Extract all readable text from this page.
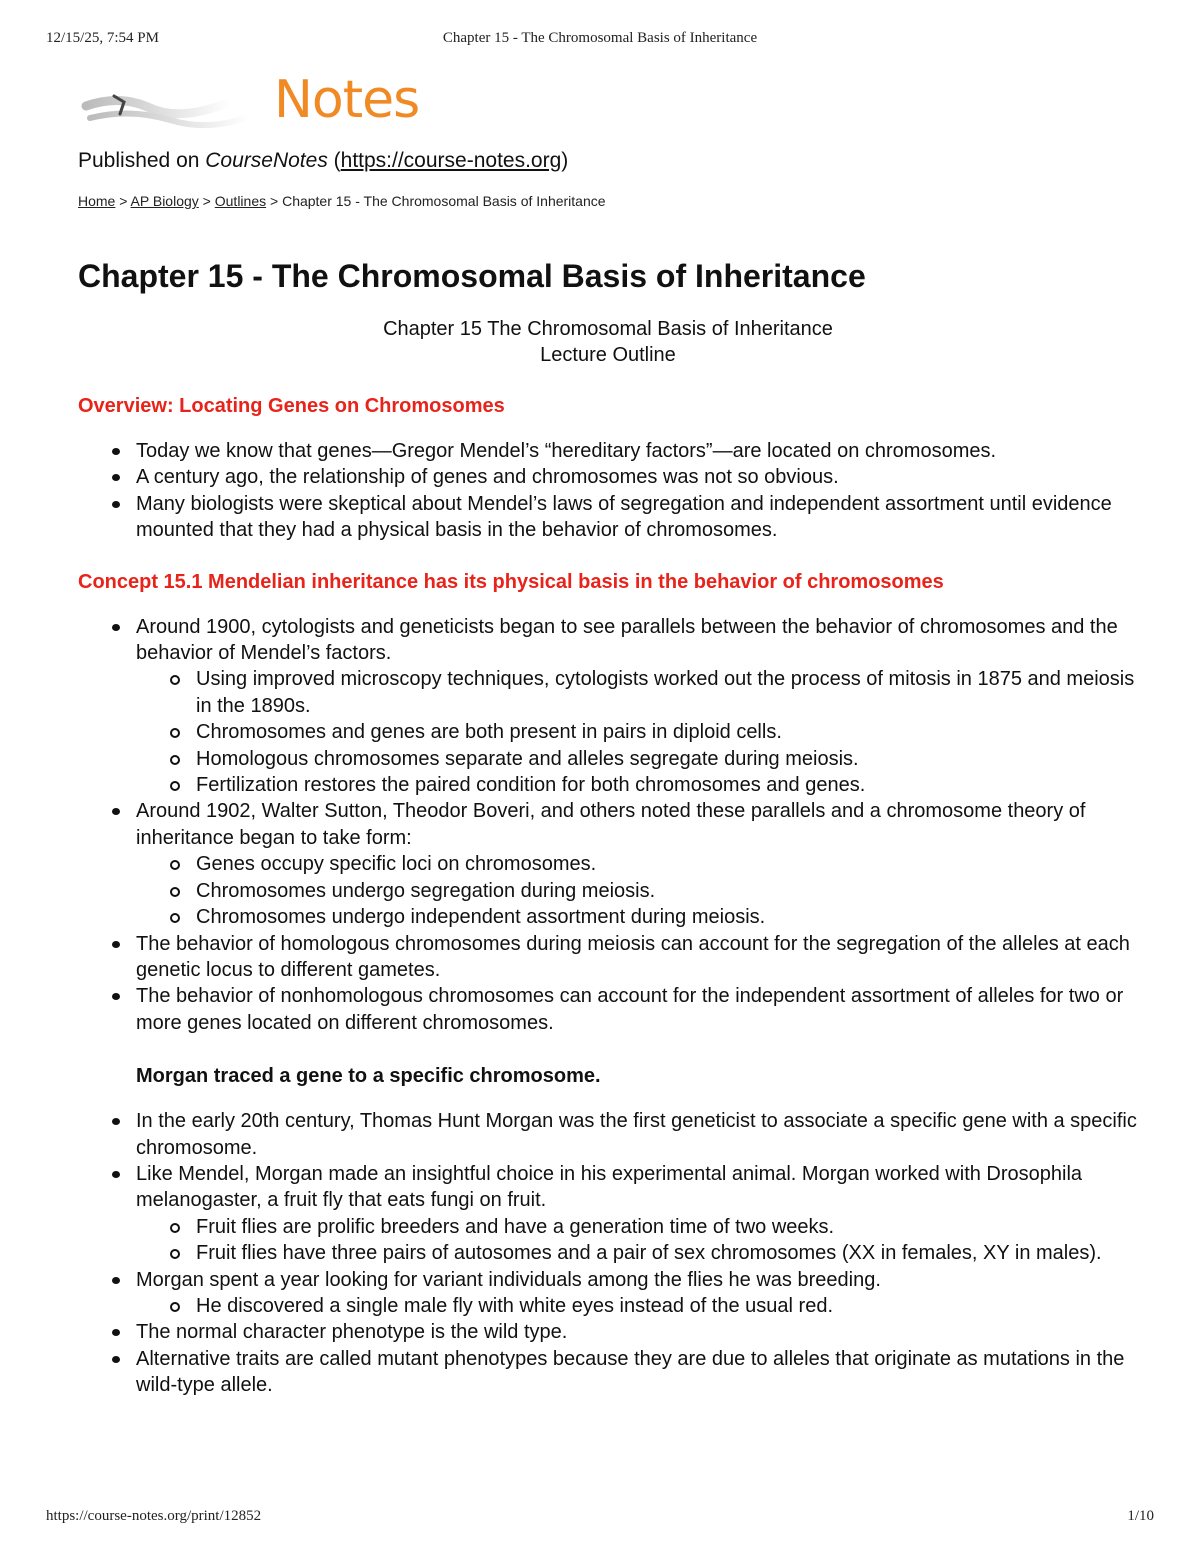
12/15/25, 7:54 PM	Chapter 15 - The Chromosomal Basis of Inheritance
Notes
Published on CourseNotes (https://course-notes.org)
Home > AP Biology > Outlines > Chapter 15 - The Chromosomal Basis of Inheritance
Chapter 15 - The Chromosomal Basis of Inheritance
Chapter 15 The Chromosomal Basis of Inheritance
Lecture Outline
Overview: Locating Genes on Chromosomes
Today we know that genes—Gregor Mendel’s “hereditary factors”—are located on chromosomes.
A century ago, the relationship of genes and chromosomes was not so obvious.
Many biologists were skeptical about Mendel’s laws of segregation and independent assortment until evidence mounted that they had a physical basis in the behavior of chromosomes.
Concept 15.1 Mendelian inheritance has its physical basis in the behavior of chromosomes
Around 1900, cytologists and geneticists began to see parallels between the behavior of chromosomes and the behavior of Mendel’s factors.
Using improved microscopy techniques, cytologists worked out the process of mitosis in 1875 and meiosis in the 1890s.
Chromosomes and genes are both present in pairs in diploid cells.
Homologous chromosomes separate and alleles segregate during meiosis.
Fertilization restores the paired condition for both chromosomes and genes.
Around 1902, Walter Sutton, Theodor Boveri, and others noted these parallels and a chromosome theory of inheritance began to take form:
Genes occupy specific loci on chromosomes.
Chromosomes undergo segregation during meiosis.
Chromosomes undergo independent assortment during meiosis.
The behavior of homologous chromosomes during meiosis can account for the segregation of the alleles at each genetic locus to different gametes.
The behavior of nonhomologous chromosomes can account for the independent assortment of alleles for two or more genes located on different chromosomes.
Morgan traced a gene to a specific chromosome.
In the early 20th century, Thomas Hunt Morgan was the first geneticist to associate a specific gene with a specific chromosome.
Like Mendel, Morgan made an insightful choice in his experimental animal. Morgan worked with Drosophila melanogaster, a fruit fly that eats fungi on fruit.
Fruit flies are prolific breeders and have a generation time of two weeks.
Fruit flies have three pairs of autosomes and a pair of sex chromosomes (XX in females, XY in males).
Morgan spent a year looking for variant individuals among the flies he was breeding.
He discovered a single male fly with white eyes instead of the usual red.
The normal character phenotype is the wild type.
Alternative traits are called mutant phenotypes because they are due to alleles that originate as mutations in the wild-type allele.
https://course-notes.org/print/12852	1/10
